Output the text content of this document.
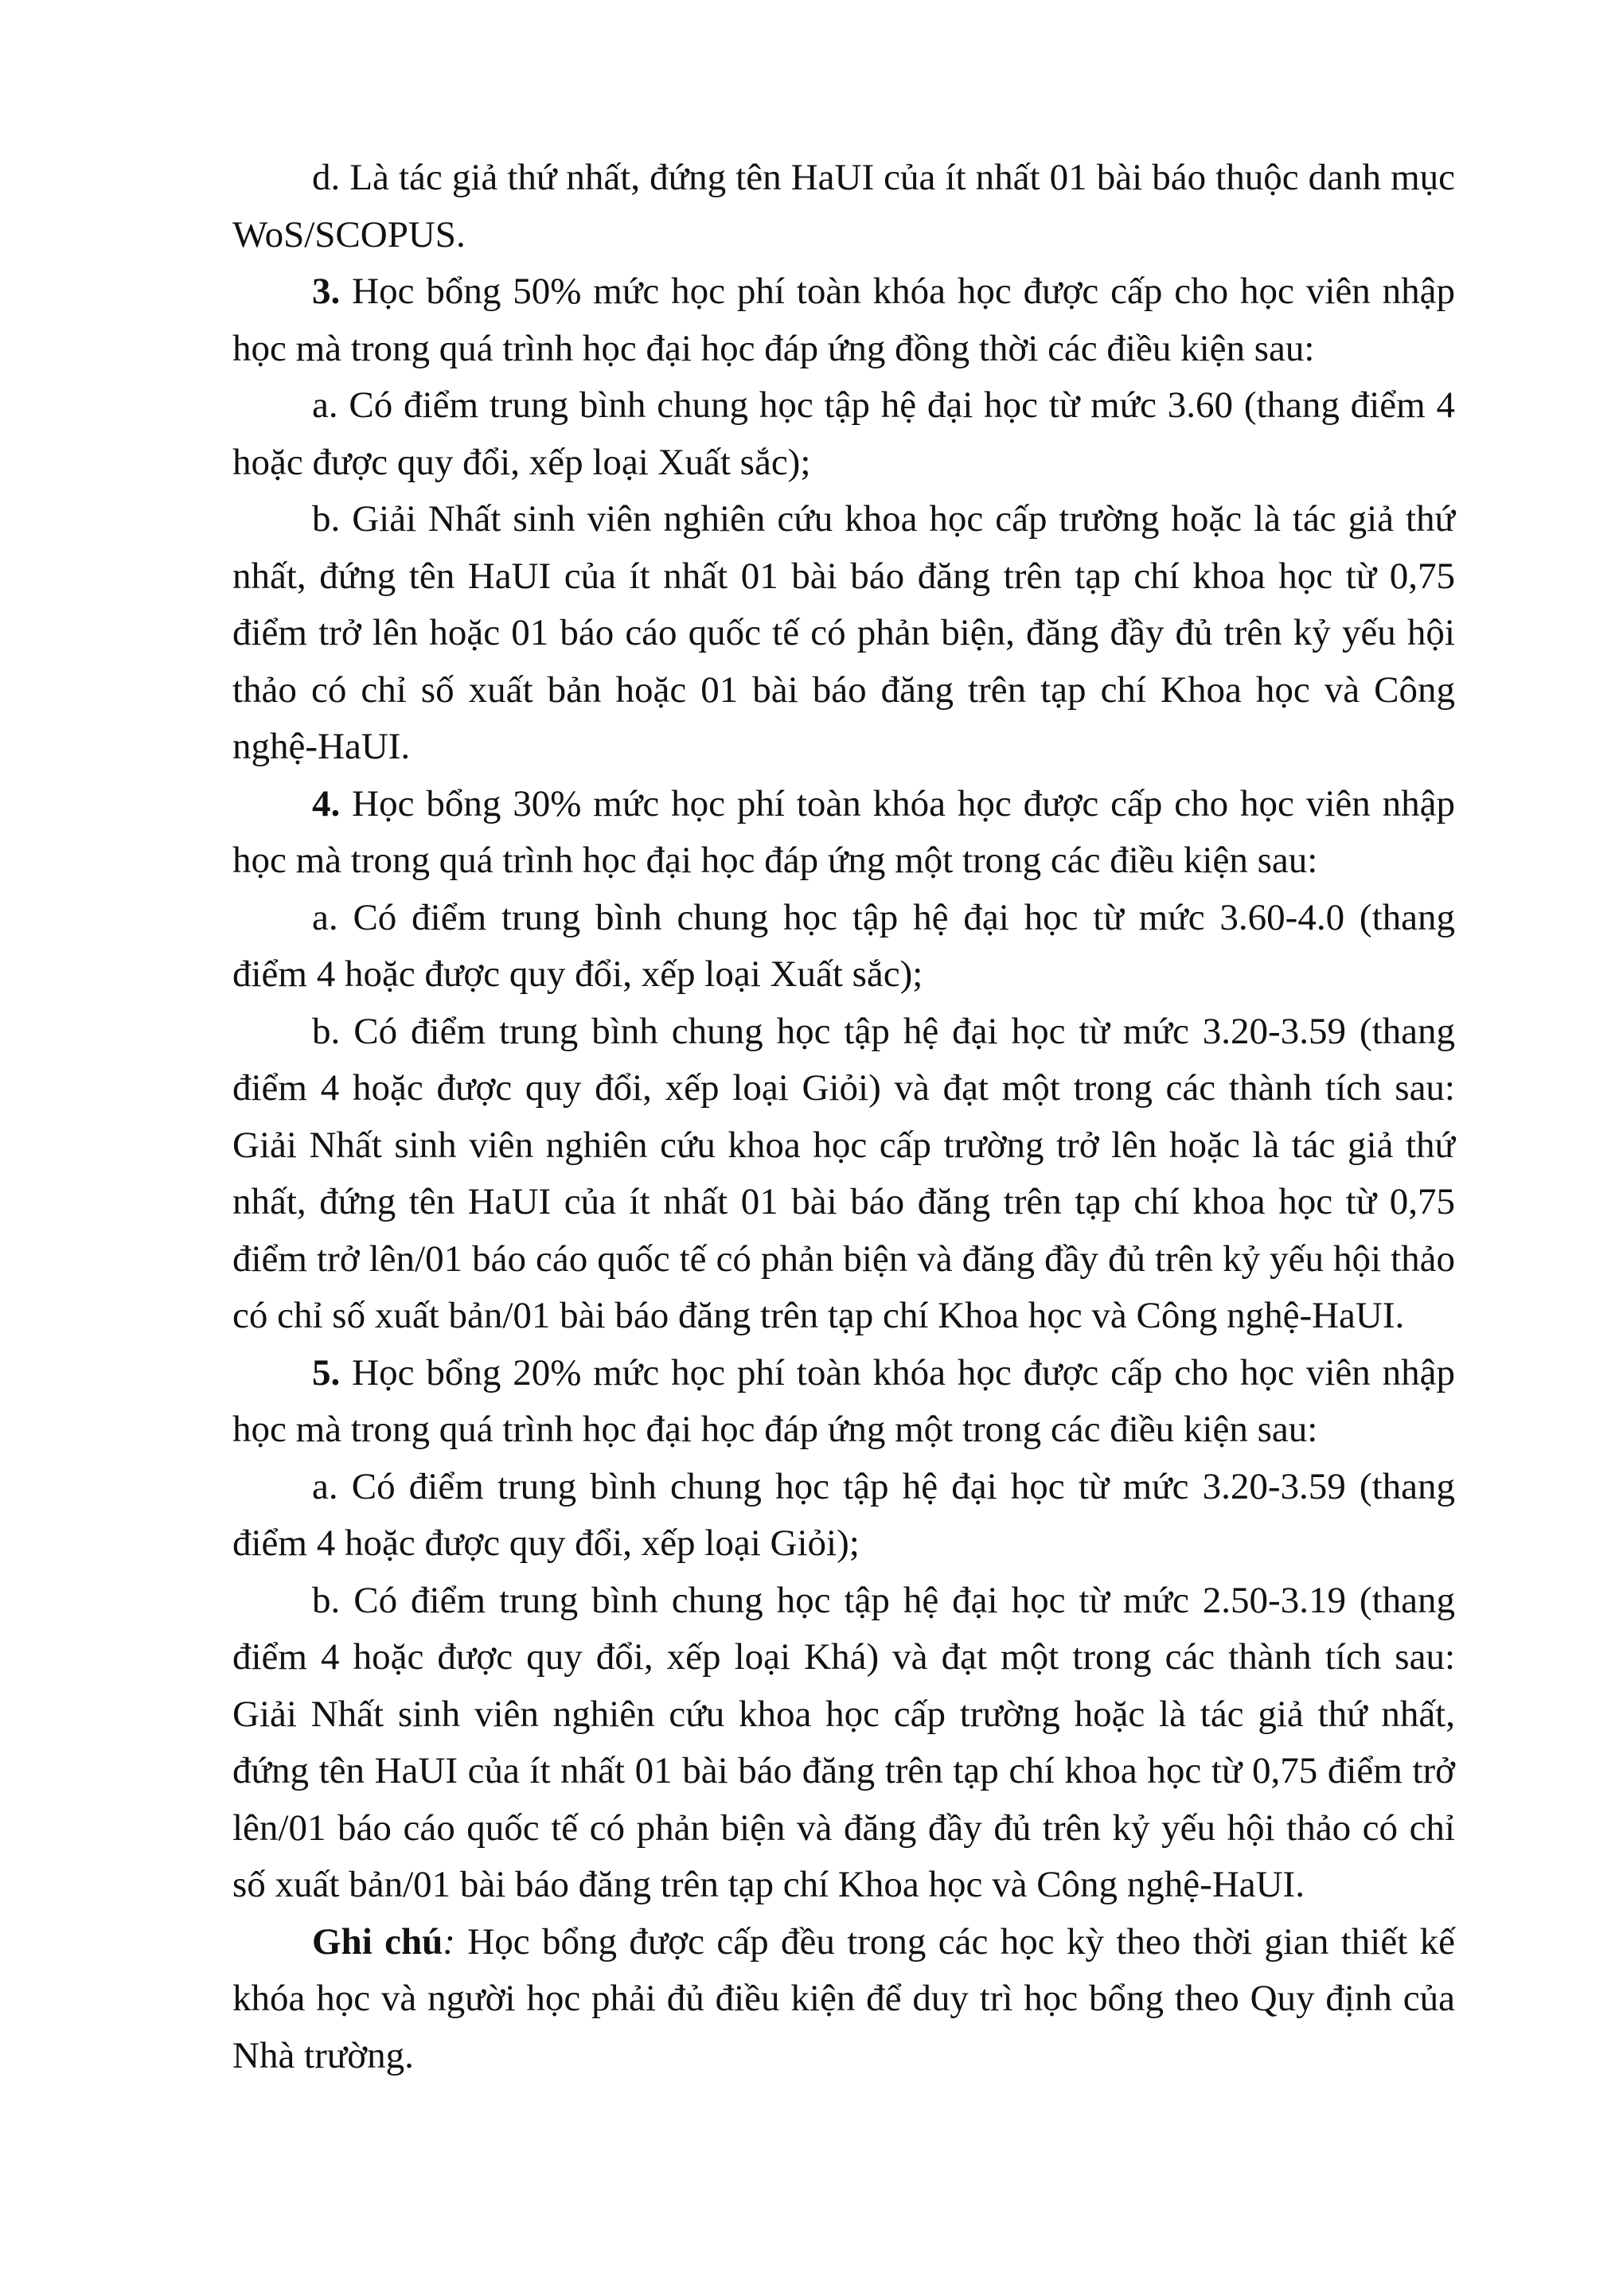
d. Là tác giả thứ nhất, đứng tên HaUI của ít nhất 01 bài báo thuộc danh mục WoS/SCOPUS.

3. Học bổng 50% mức học phí toàn khóa học được cấp cho học viên nhập học mà trong quá trình học đại học đáp ứng đồng thời các điều kiện sau:

a. Có điểm trung bình chung học tập hệ đại học từ mức 3.60 (thang điểm 4 hoặc được quy đổi, xếp loại Xuất sắc);

b. Giải Nhất sinh viên nghiên cứu khoa học cấp trường hoặc là tác giả thứ nhất, đứng tên HaUI của ít nhất 01 bài báo đăng trên tạp chí khoa học từ 0,75 điểm trở lên hoặc 01 báo cáo quốc tế có phản biện, đăng đầy đủ trên kỷ yếu hội thảo có chỉ số xuất bản hoặc 01 bài báo đăng trên tạp chí Khoa học và Công nghệ-HaUI.

4. Học bổng 30% mức học phí toàn khóa học được cấp cho học viên nhập học mà trong quá trình học đại học đáp ứng một trong các điều kiện sau:

a. Có điểm trung bình chung học tập hệ đại học từ mức 3.60-4.0 (thang điểm 4 hoặc được quy đổi, xếp loại Xuất sắc);

b. Có điểm trung bình chung học tập hệ đại học từ mức 3.20-3.59 (thang điểm 4 hoặc được quy đổi, xếp loại Giỏi) và đạt một trong các thành tích sau: Giải Nhất sinh viên nghiên cứu khoa học cấp trường trở lên hoặc là tác giả thứ nhất, đứng tên HaUI của ít nhất 01 bài báo đăng trên tạp chí khoa học từ 0,75 điểm trở lên/01 báo cáo quốc tế có phản biện và đăng đầy đủ trên kỷ yếu hội thảo có chỉ số xuất bản/01 bài báo đăng trên tạp chí Khoa học và Công nghệ-HaUI.

5. Học bổng 20% mức học phí toàn khóa học được cấp cho học viên nhập học mà trong quá trình học đại học đáp ứng một trong các điều kiện sau:

a. Có điểm trung bình chung học tập hệ đại học từ mức 3.20-3.59 (thang điểm 4 hoặc được quy đổi, xếp loại Giỏi);

b. Có điểm trung bình chung học tập hệ đại học từ mức 2.50-3.19 (thang điểm 4 hoặc được quy đổi, xếp loại Khá) và đạt một trong các thành tích sau: Giải Nhất sinh viên nghiên cứu khoa học cấp trường hoặc là tác giả thứ nhất, đứng tên HaUI của ít nhất 01 bài báo đăng trên tạp chí khoa học từ 0,75 điểm trở lên/01 báo cáo quốc tế có phản biện và đăng đầy đủ trên kỷ yếu hội thảo có chỉ số xuất bản/01 bài báo đăng trên tạp chí Khoa học và Công nghệ-HaUI.

Ghi chú: Học bổng được cấp đều trong các học kỳ theo thời gian thiết kế khóa học và người học phải đủ điều kiện để duy trì học bổng theo Quy định của Nhà trường.
